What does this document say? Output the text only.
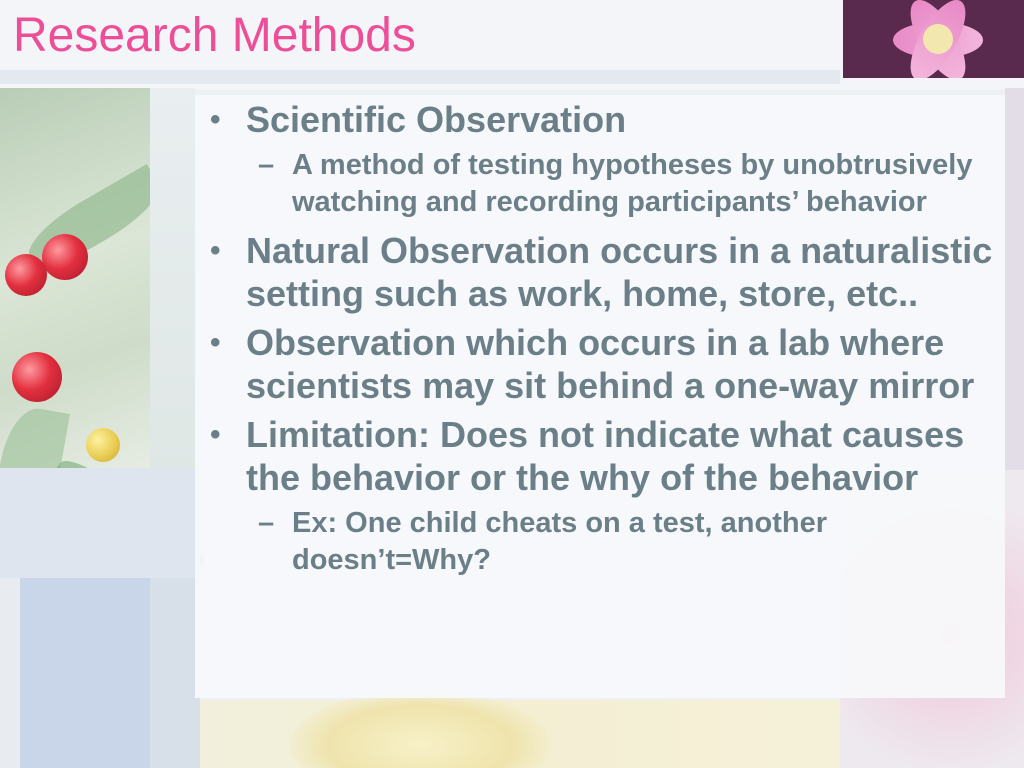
Research Methods
• Scientific Observation
– A method of testing hypotheses by unobtrusively watching and recording participants’ behavior
• Natural Observation occurs in a naturalistic setting such as work, home, store, etc..
• Observation which occurs in a lab where scientists may sit behind a one-way mirror
• Limitation: Does not indicate what causes the behavior or the why of the behavior
– Ex: One child cheats on a test, another doesn’t=Why?
